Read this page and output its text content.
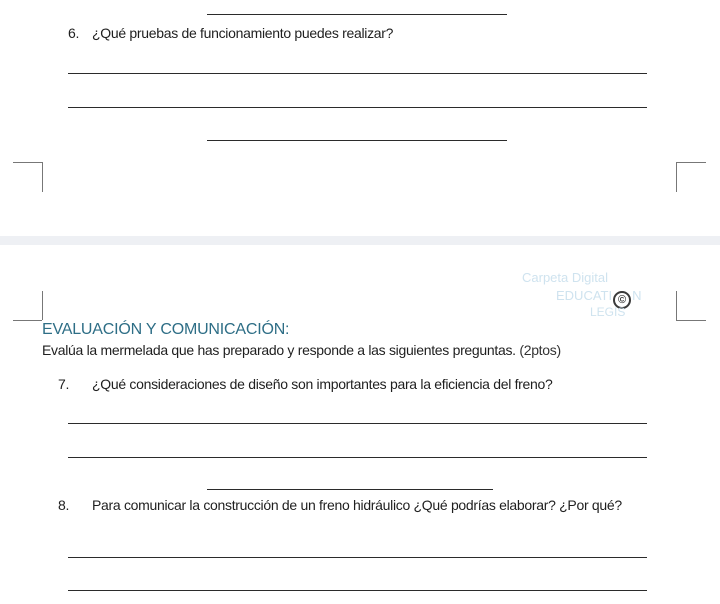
6. ¿Qué pruebas de funcionamiento puedes realizar?
Carpeta Digital
EDUCATI © N
LEGIS
EVALUACIÓN Y COMUNICACIÓN:
Evalúa la mermelada que has preparado y responde a las siguientes preguntas. (2ptos)
7. ¿Qué consideraciones de diseño son importantes para la eficiencia del freno?
8. Para comunicar la construcción de un freno hidráulico ¿Qué podrías elaborar? ¿Por qué?
